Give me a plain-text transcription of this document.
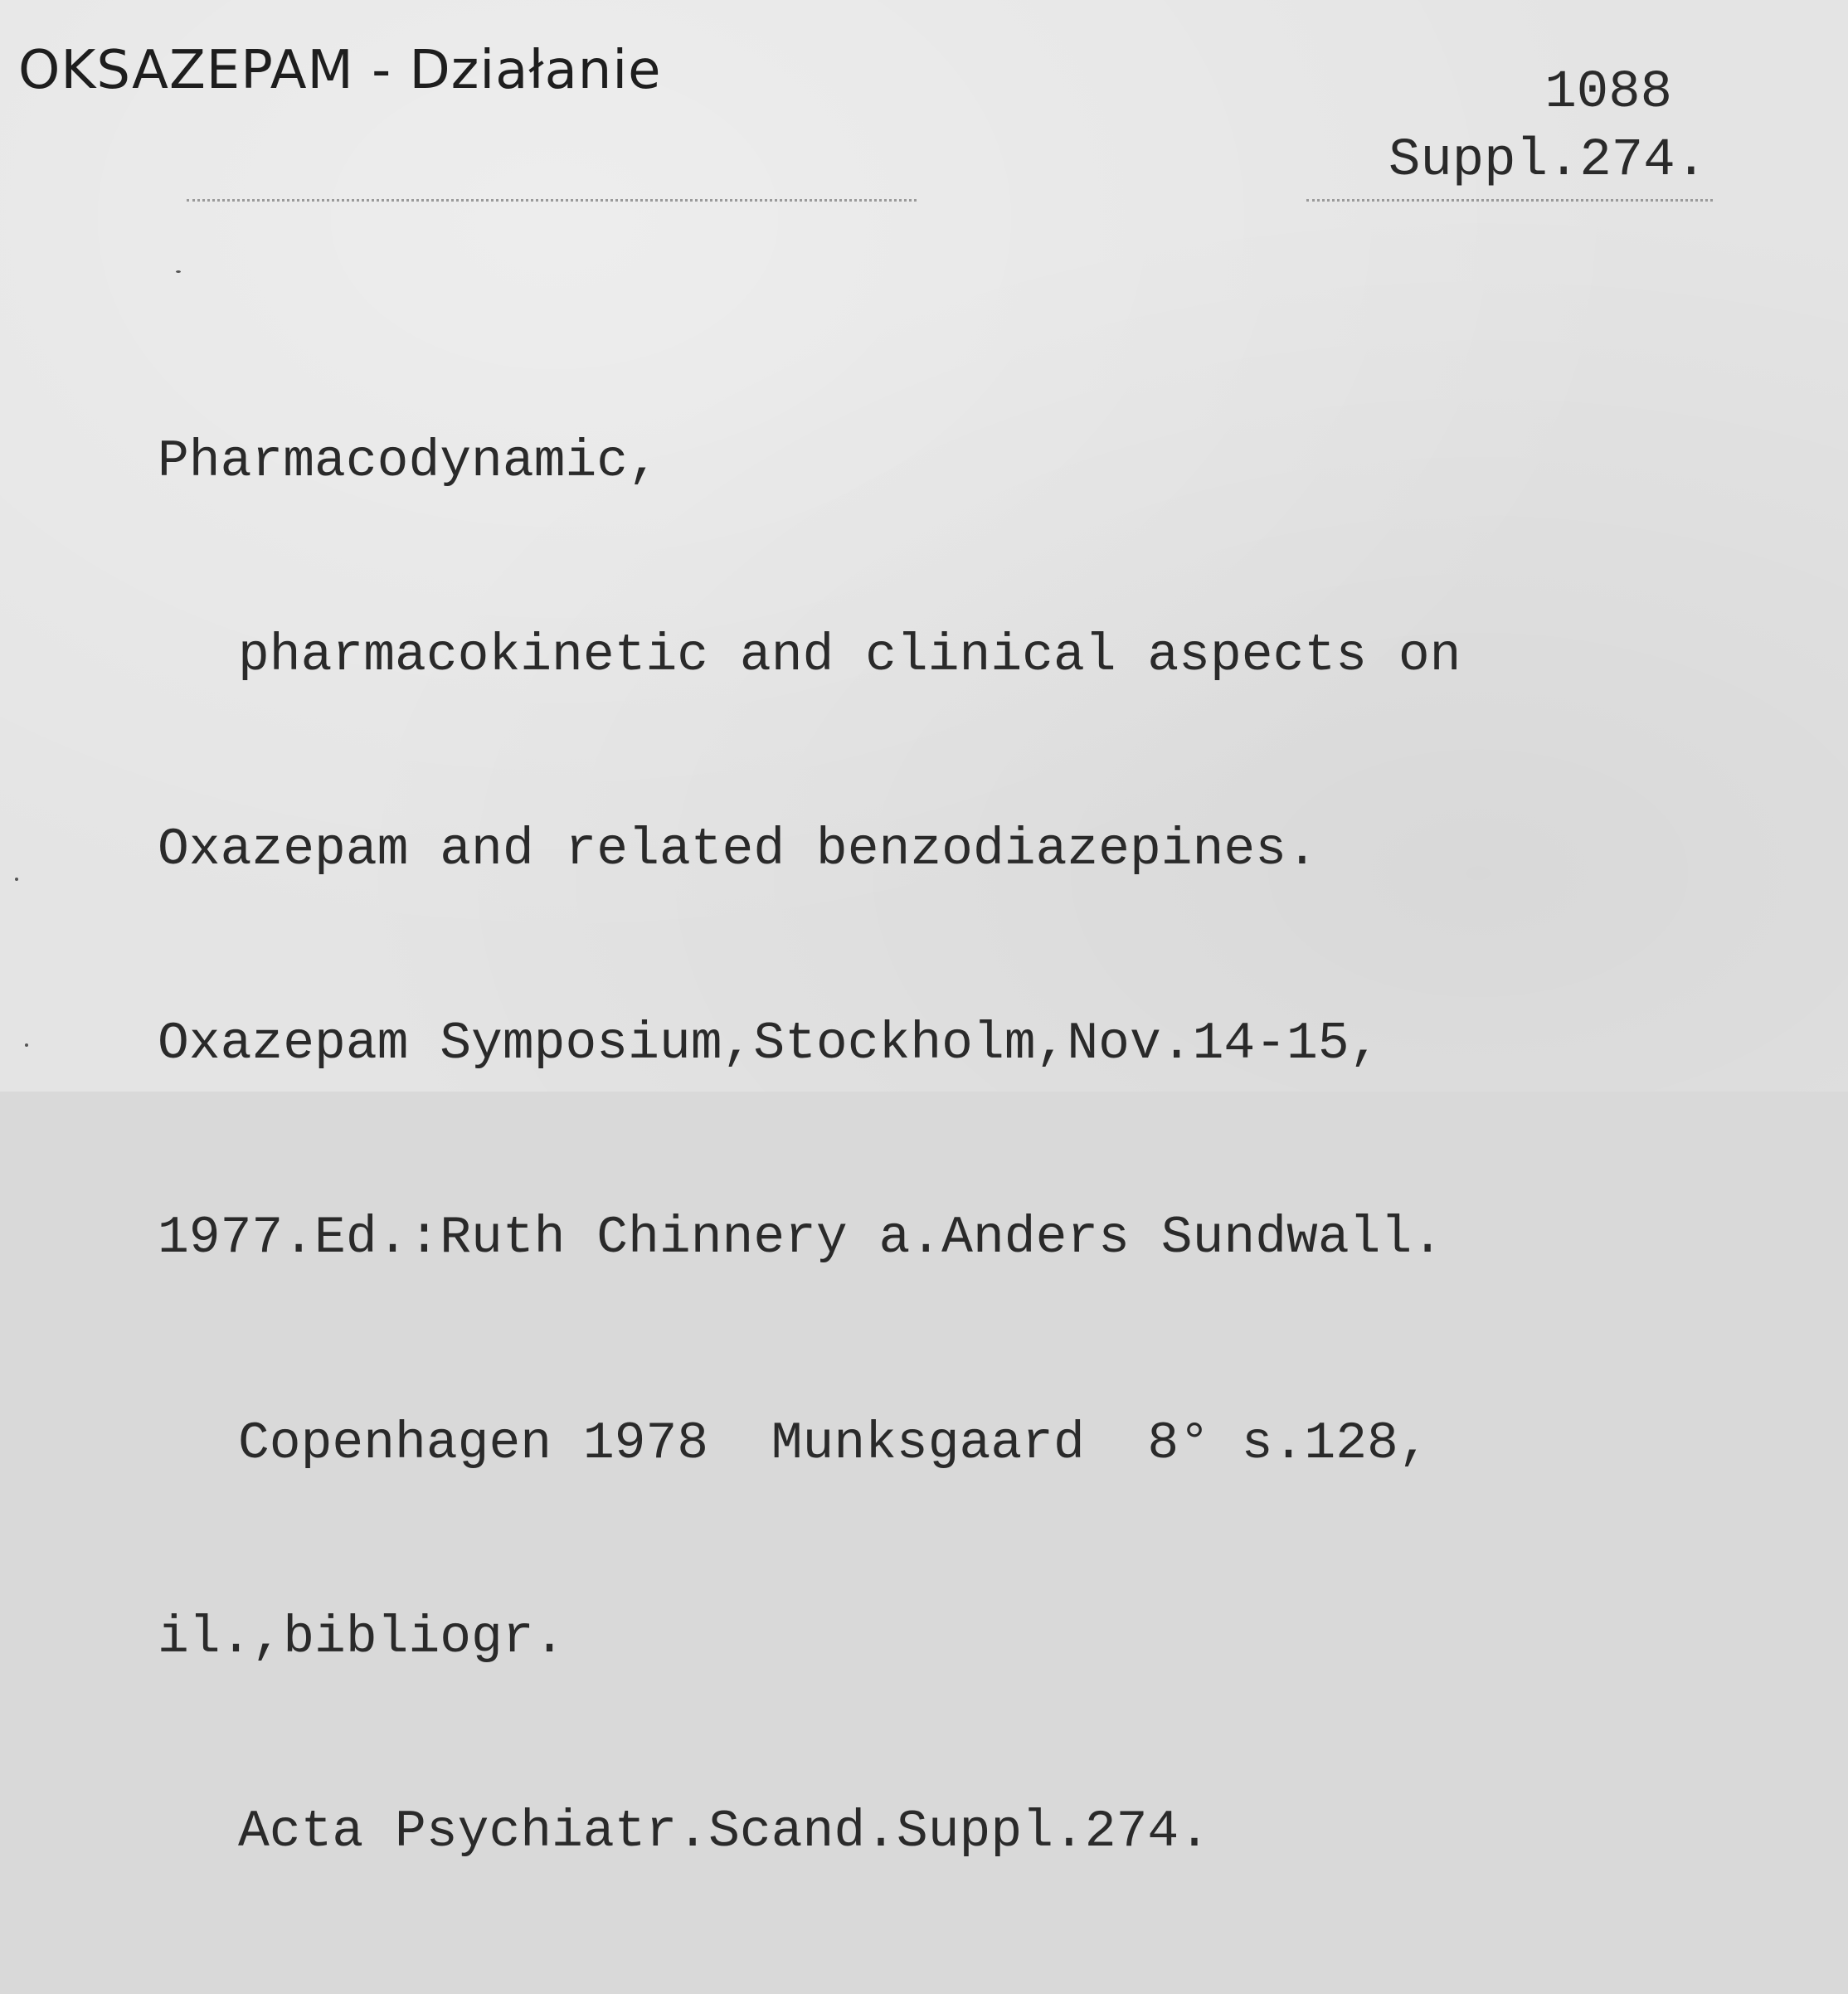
OKSAZEPAM - Działanie	1088
Suppl.274.

Pharmacodynamic,

pharmacokinetic and clinical aspects on

Oxazepam and related benzodiazepines.

Oxazepam Symposium,Stockholm,Nov.14-15,

1977.Ed.:Ruth Chinnery a.Anders Sundwall.

Copenhagen 1978  Munksgaard  8° s.128,

il.,bibliogr.

Acta Psychiatr.Scand.Suppl.274.
